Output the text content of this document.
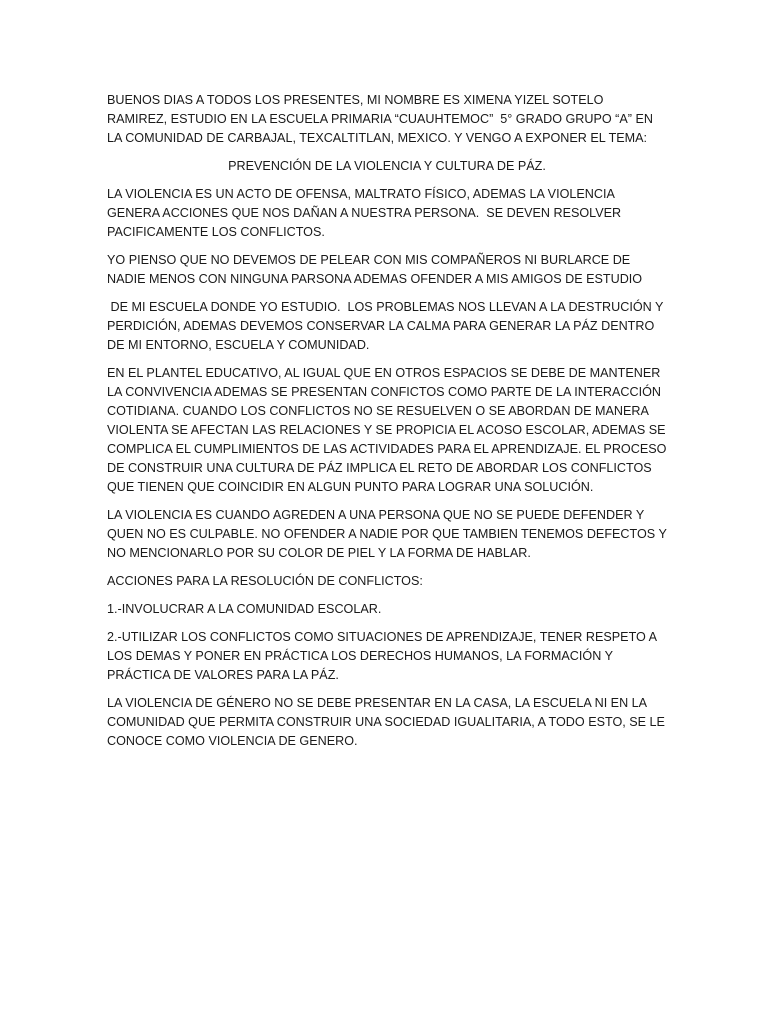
BUENOS DIAS A TODOS LOS PRESENTES, MI NOMBRE ES XIMENA YIZEL SOTELO RAMIREZ, ESTUDIO EN LA ESCUELA PRIMARIA “CUAUHTEMOC”  5° GRADO GRUPO “A” EN LA COMUNIDAD DE CARBAJAL, TEXCALTITLAN, MEXICO. Y VENGO A EXPONER EL TEMA:

PREVENCIÓN DE LA VIOLENCIA Y CULTURA DE PÁZ.

LA VIOLENCIA ES UN ACTO DE OFENSA, MALTRATO FÍSICO, ADEMAS LA VIOLENCIA GENERA ACCIONES QUE NOS DAÑAN A NUESTRA PERSONA.  SE DEVEN RESOLVER PACIFICAMENTE LOS CONFLICTOS.

YO PIENSO QUE NO DEVEMOS DE PELEAR CON MIS COMPAÑEROS NI BURLARCE DE NADIE MENOS CON NINGUNA PARSONA ADEMAS OFENDER A MIS AMIGOS DE ESTUDIO

DE MI ESCUELA DONDE YO ESTUDIO.  LOS PROBLEMAS NOS LLEVAN A LA DESTRUCIÓN Y PERDICIÓN, ADEMAS DEVEMOS CONSERVAR LA CALMA PARA GENERAR LA PÁZ DENTRO DE MI ENTORNO, ESCUELA Y COMUNIDAD.

EN EL PLANTEL EDUCATIVO, AL IGUAL QUE EN OTROS ESPACIOS SE DEBE DE MANTENER LA CONVIVENCIA ADEMAS SE PRESENTAN CONFICTOS COMO PARTE DE LA INTERACCIÓN COTIDIANA. CUANDO LOS CONFLICTOS NO SE RESUELVEN O SE ABORDAN DE MANERA VIOLENTA SE AFECTAN LAS RELACIONES Y SE PROPICIA EL ACOSO ESCOLAR, ADEMAS SE COMPLICA EL CUMPLIMIENTOS DE LAS ACTIVIDADES PARA EL APRENDIZAJE. EL PROCESO DE CONSTRUIR UNA CULTURA DE PÁZ IMPLICA EL RETO DE ABORDAR LOS CONFLICTOS QUE TIENEN QUE COINCIDIR EN ALGUN PUNTO PARA LOGRAR UNA SOLUCIÓN.

LA VIOLENCIA ES CUANDO AGREDEN A UNA PERSONA QUE NO SE PUEDE DEFENDER Y QUEN NO ES CULPABLE. NO OFENDER A NADIE POR QUE TAMBIEN TENEMOS DEFECTOS Y NO MENCIONARLO POR SU COLOR DE PIEL Y LA FORMA DE HABLAR.

ACCIONES PARA LA RESOLUCIÓN DE CONFLICTOS:

1.-INVOLUCRAR A LA COMUNIDAD ESCOLAR.

2.-UTILIZAR LOS CONFLICTOS COMO SITUACIONES DE APRENDIZAJE, TENER RESPETO A LOS DEMAS Y PONER EN PRÁCTICA LOS DERECHOS HUMANOS, LA FORMACIÓN Y PRÁCTICA DE VALORES PARA LA PÁZ.

LA VIOLENCIA DE GÉNERO NO SE DEBE PRESENTAR EN LA CASA, LA ESCUELA NI EN LA COMUNIDAD QUE PERMITA CONSTRUIR UNA SOCIEDAD IGUALITARIA, A TODO ESTO, SE LE CONOCE COMO VIOLENCIA DE GENERO.
